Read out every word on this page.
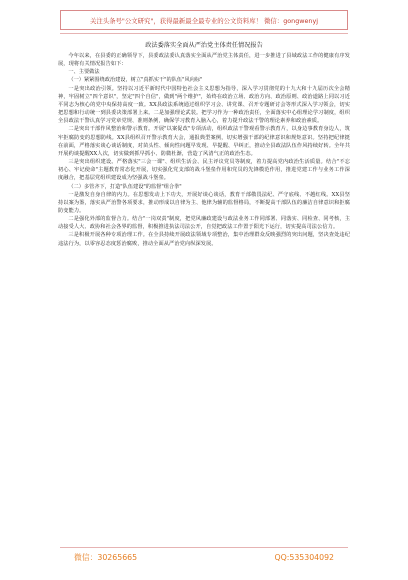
关注头条号"公文研究"，获得最新最全最专业的公文资料库！ 微信：gongwenyj
政法委落实全面从严治党主体责任情况报告

今年以来，在县委的正确领导下，县委政法委认真落实全面从严治党主体责任，进一步推进了县域政法工作的健康有序发展，现将有关情况报告如下：

一、主要做法

（一）紧紧围绕政治建设，树立"真抓实干"的队伍"风向标"

一是突出政治引领。坚持以习近平新时代中国特色社会主义思想为指导，深入学习贯彻党的十九大和十九届历次全会精神，牢固树立"四个意识"，坚定"四个自信"，做到"两个维护"，始终在政治立场、政治方向、政治原则、政治道路上同以习近平同志为核心的党中央保持高度一致。XX县政法系统通过组织学习会、讲党课、召开专题研讨会等形式深入学习领会，切实把思想和行动统一到县委决策部署上来。二是加强理论武装。把学习作为一种政治责任，全面落实中心组理论学习制度，组织全县政法干警认真学习党章党规、准则条例，确保学习教育入脑入心，着力提升政法干警的理论素养和政治素质。

二是突出干部作风整治和警示教育。开展"以案促改"专项活动，组织政法干警观看警示教育片，以身边事教育身边人，筑牢拒腐防变的思想防线。XX县组织召开警示教育大会，通报典型案例，切实增强干部的纪律意识和规矩意识。坚持把纪律挺在前面，严格落实谈心谈话制度，对苗头性、倾向性问题早发现、早提醒、早纠正，推动全县政法队伍作风持续好转。全年共开展约谈提醒XX人次，切实做到抓早抓小、防微杜渐，营造了风清气正的政治生态。

三是突出组织建设。严格落实"三会一课"、组织生活会、民主评议党员等制度，着力提高党内政治生活质量。结合"不忘初心、牢记使命"主题教育常态化开展，切实强化党支部的战斗堡垒作用和党员的先锋模范作用，推进党建工作与业务工作深度融合，把基层党组织建设成为坚强战斗堡垒。

（二）多管齐下，打造"队伍建设"的监督"组合拳"

一是激发自身自律的内力。在思想发动上下功夫，开展好谈心谈话，教育干部敬畏法纪、严守底线、不越红线。XX县坚持以案为鉴，落实从严治警各项要求，推动形成以自律为主、他律为辅的监督格局，不断提高干部队伍的廉洁自律意识和拒腐防变能力。

二是强化外部的监督合力。结合"一岗双责"制度，把党风廉政建设与政法业务工作同部署、同落实、同检查、同考核，主动接受人大、政协和社会各界的监督，积极推进执法司法公开，自觉把政法工作置于阳光下运行，切实提高司法公信力。

三是积极开展各种专项治理工作。在全县持续开展政法领域专项整治，集中治理群众反映强烈的突出问题，坚决查处违纪违法行为，以零容忍态度惩治腐败，推动全面从严治党向纵深发展。

微信：30265665	QQ:535304092
